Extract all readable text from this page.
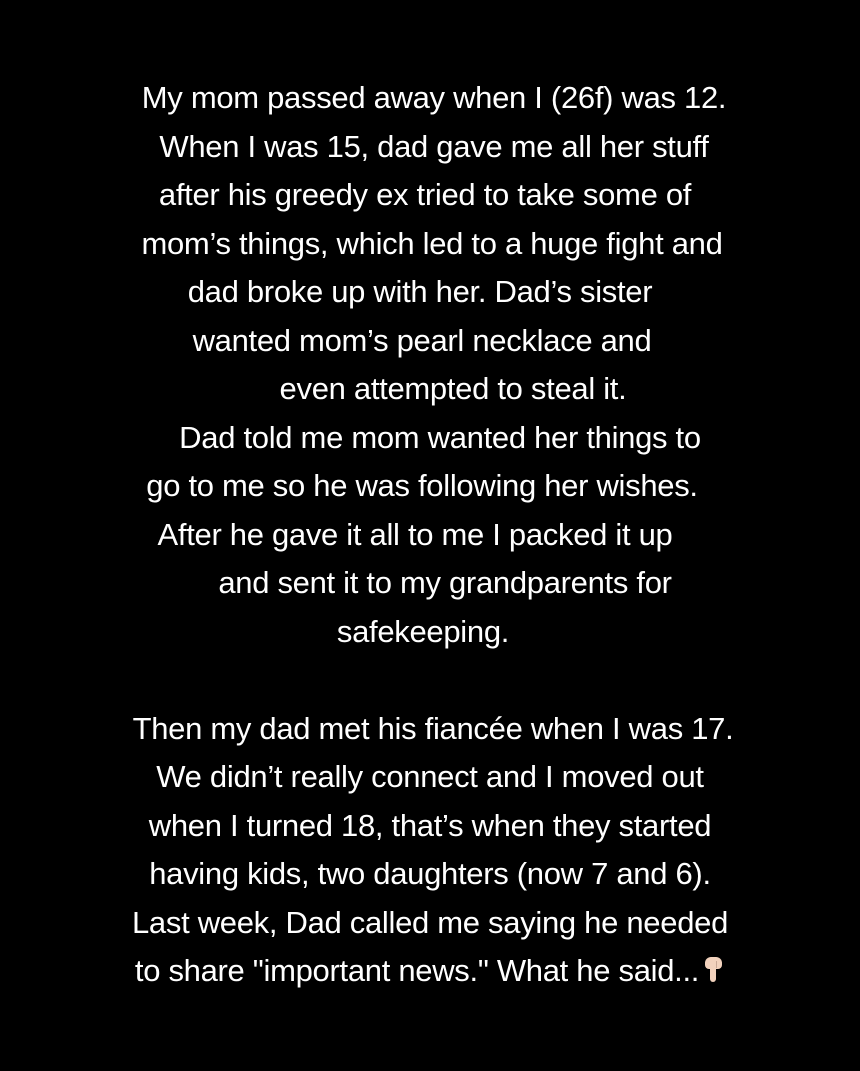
My mom passed away when I (26f) was 12.
When I was 15, dad gave me all her stuff
after his greedy ex tried to take some of
mom’s things, which led to a huge fight and
dad broke up with her. Dad’s sister
wanted mom’s pearl necklace and
even attempted to steal it.
Dad told me mom wanted her things to
go to me so he was following her wishes.
After he gave it all to me I packed it up
and sent it to my grandparents for
safekeeping.
Then my dad met his fiancée when I was 17.
We didn’t really connect and I moved out
when I turned 18, that’s when they started
having kids, two daughters (now 7 and 6).
Last week, Dad called me saying he needed
to share "important news." What he said...
